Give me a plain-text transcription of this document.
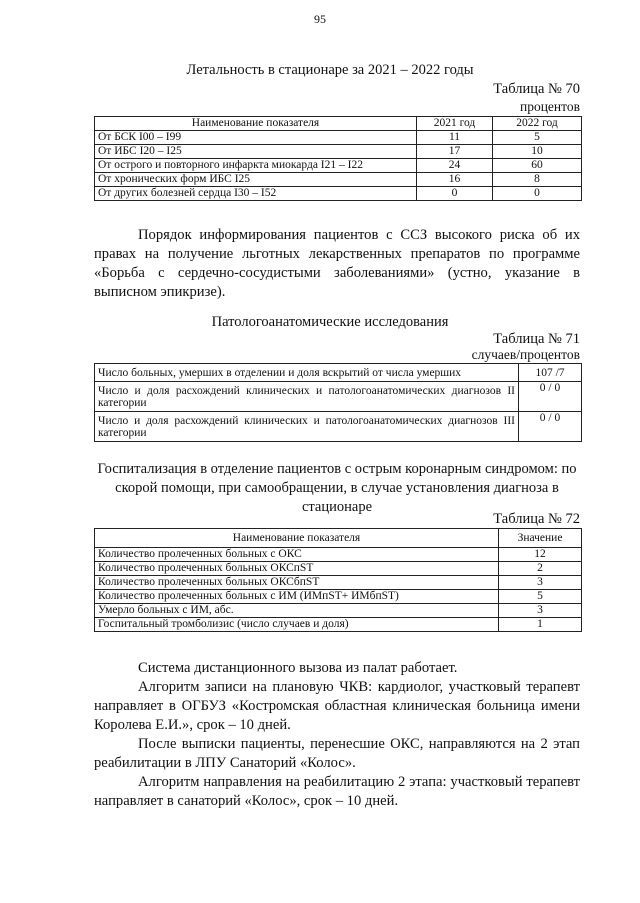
95
Летальность в стационаре за 2021 – 2022 годы
Таблица № 70
процентов
Наименование показателя	2021 год	2022 год
От БСК I00 – I99	11	5
От ИБС I20 – I25	17	10
От острого и повторного инфаркта миокарда I21 – I22	24	60
От хронических форм ИБС I25	16	8
От других болезней сердца I30 – I52	0	0
Порядок информирования пациентов с ССЗ высокого риска об их правах на получение льготных лекарственных препаратов по программе «Борьба с сердечно-сосудистыми заболеваниями» (устно, указание в выписном эпикризе).
Патологоанатомические исследования
Таблица № 71
случаев/процентов
Число больных, умерших в отделении и доля вскрытий от числа умерших	107 /7
Число и доля расхождений клинических и патологоанатомических диагнозов II категории	0 / 0
Число и доля расхождений клинических и патологоанатомических диагнозов III категории	0 / 0
Госпитализация в отделение пациентов с острым коронарным синдромом: по скорой помощи, при самообращении, в случае установления диагноза в стационаре
Таблица № 72
Наименование показателя	Значение
Количество пролеченных больных с ОКС	12
Количество пролеченных больных ОКСпST	2
Количество пролеченных больных ОКСбпST	3
Количество пролеченных больных с ИМ (ИМпST+ ИМбпST)	5
Умерло больных с ИМ, абс.	3
Госпитальный тромболизис (число случаев и доля)	1
Система дистанционного вызова из палат работает.
Алгоритм записи на плановую ЧКВ: кардиолог, участковый терапевт направляет в ОГБУЗ «Костромская областная клиническая больница имени Королева Е.И.», срок – 10 дней.
После выписки пациенты, перенесшие ОКС, направляются на 2 этап реабилитации в ЛПУ Санаторий «Колос».
Алгоритм направления на реабилитацию 2 этапа: участковый терапевт направляет в санаторий «Колос», срок – 10 дней.
